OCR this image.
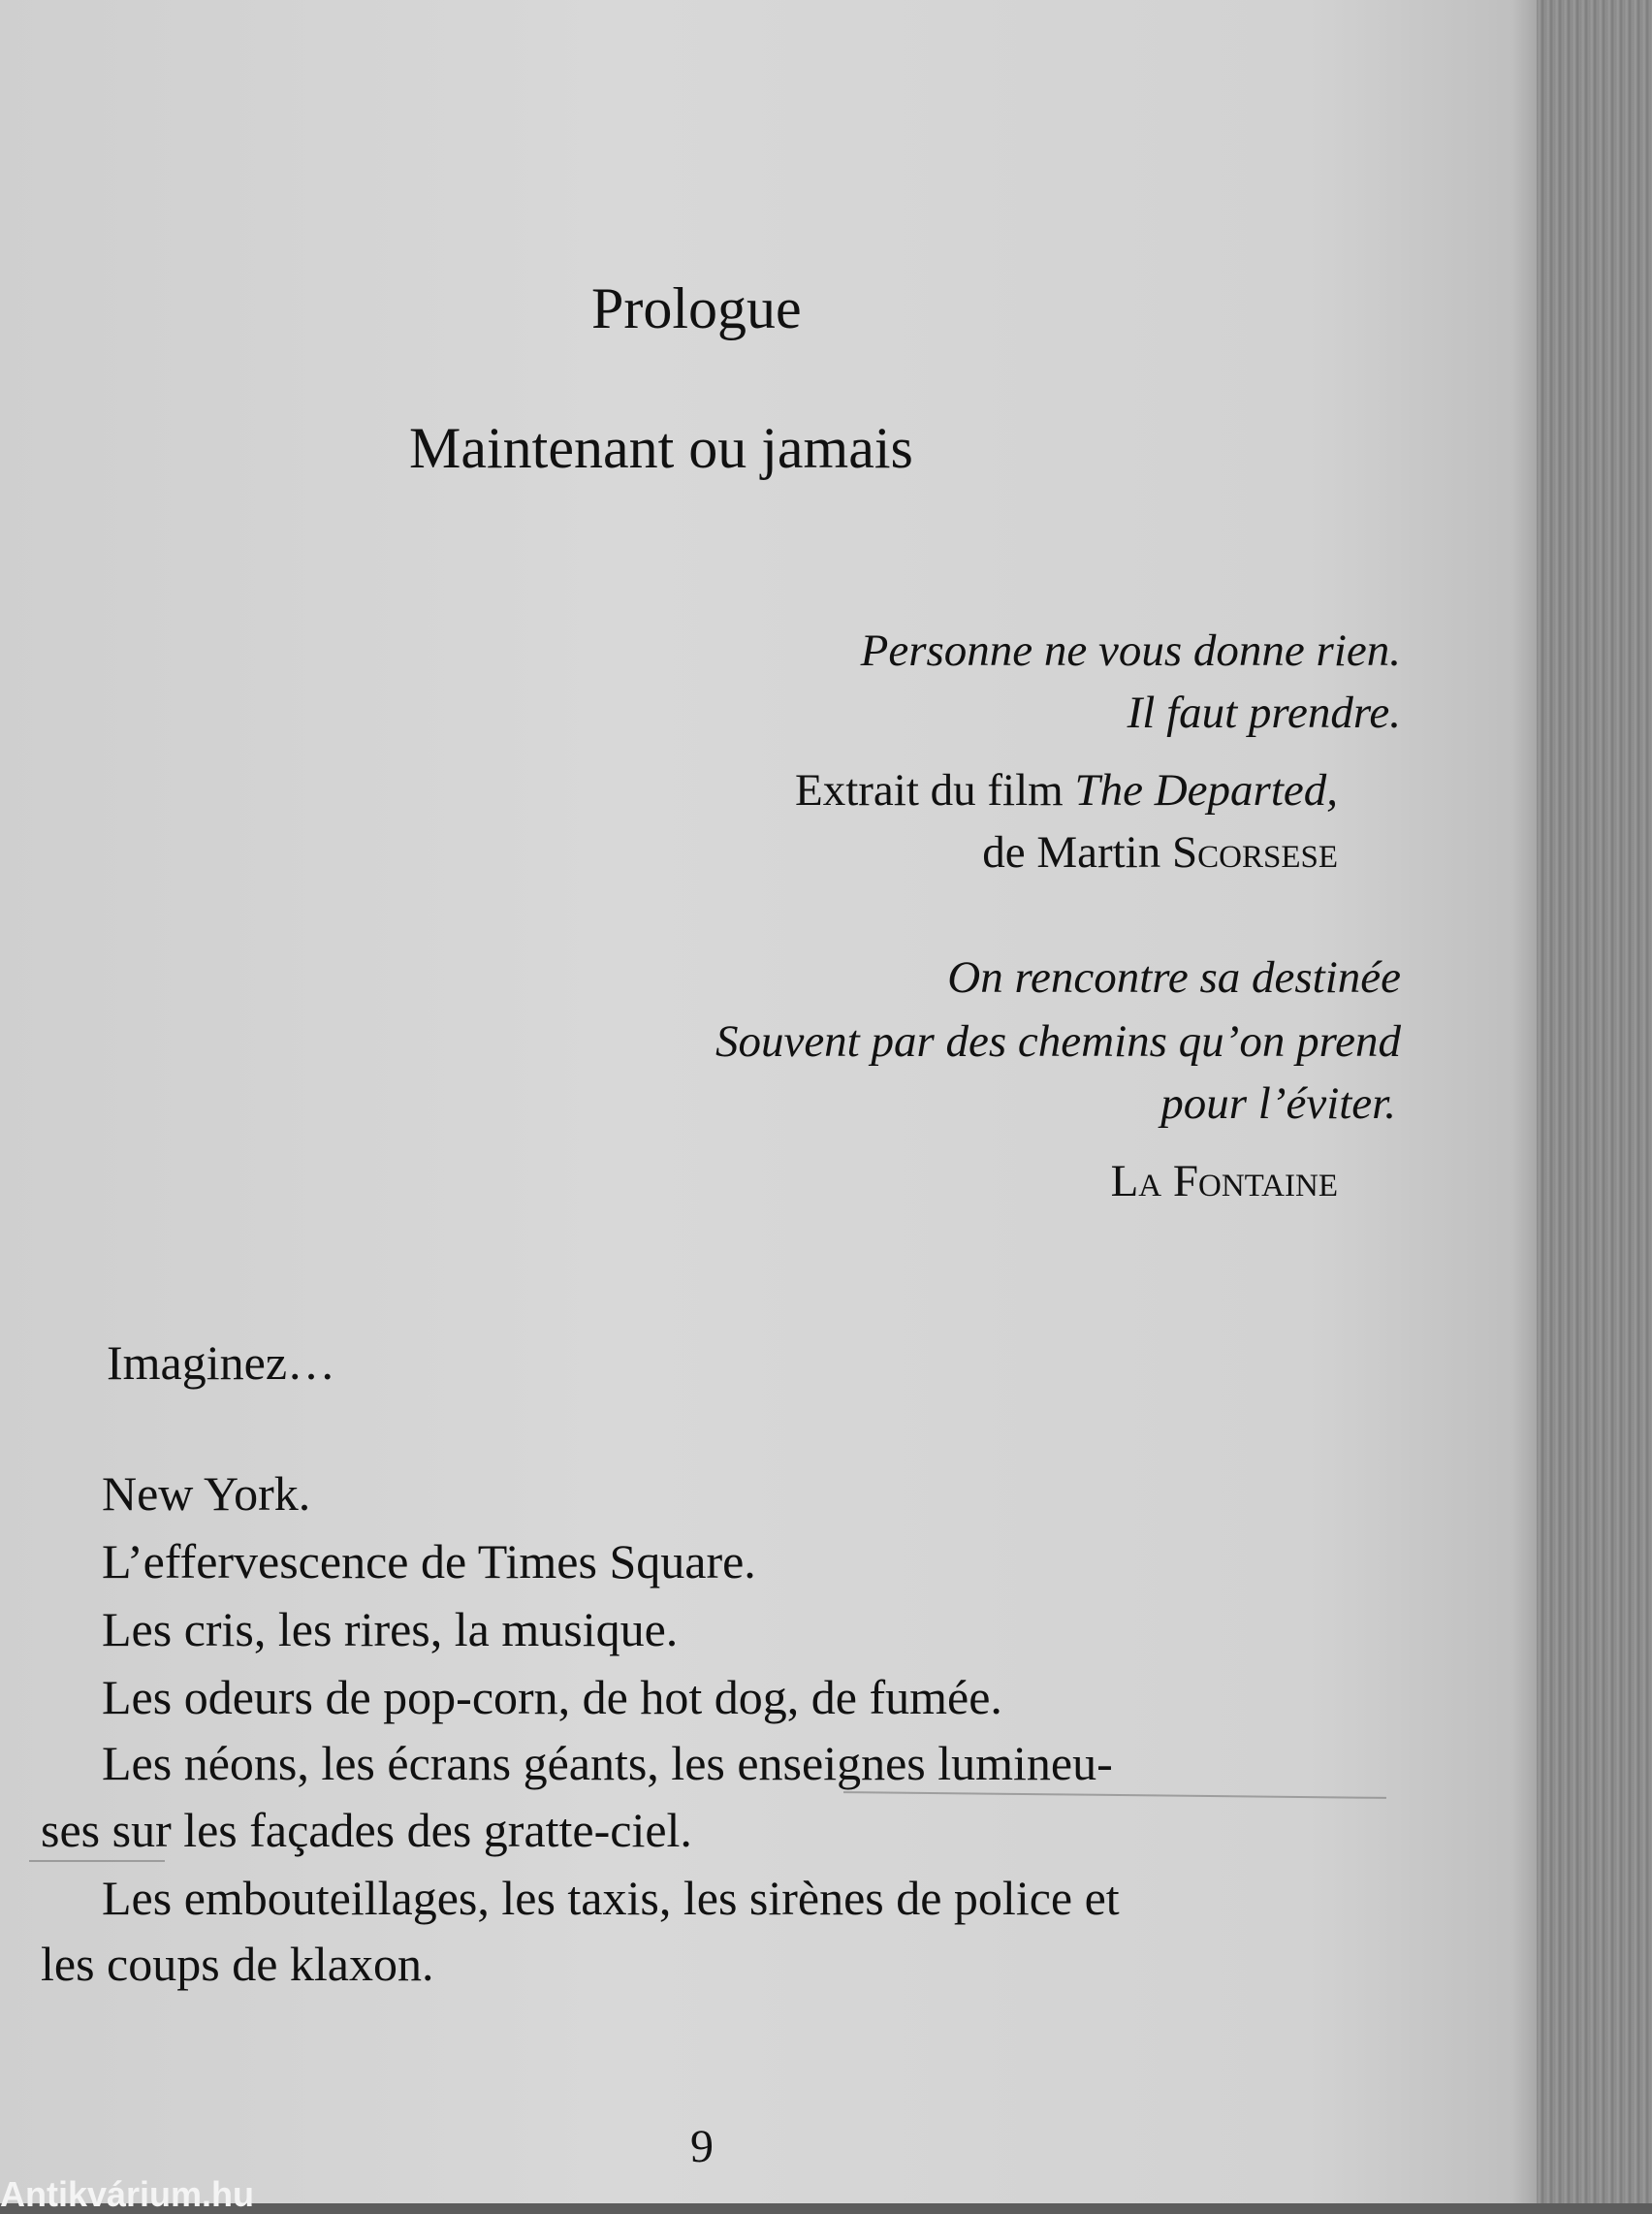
Prologue
Maintenant ou jamais
Personne ne vous donne rien.
Il faut prendre.
Extrait du film The Departed,
de Martin Scorsese
On rencontre sa destinée
Souvent par des chemins qu’on prend
pour l’éviter.
La Fontaine
Imaginez…
New York.
L’effervescence de Times Square.
Les cris, les rires, la musique.
Les odeurs de pop-corn, de hot dog, de fumée.
Les néons, les écrans géants, les enseignes lumineu-
ses sur les façades des gratte-ciel.
Les embouteillages, les taxis, les sirènes de police et
les coups de klaxon.
9
Antikvárium.hu
